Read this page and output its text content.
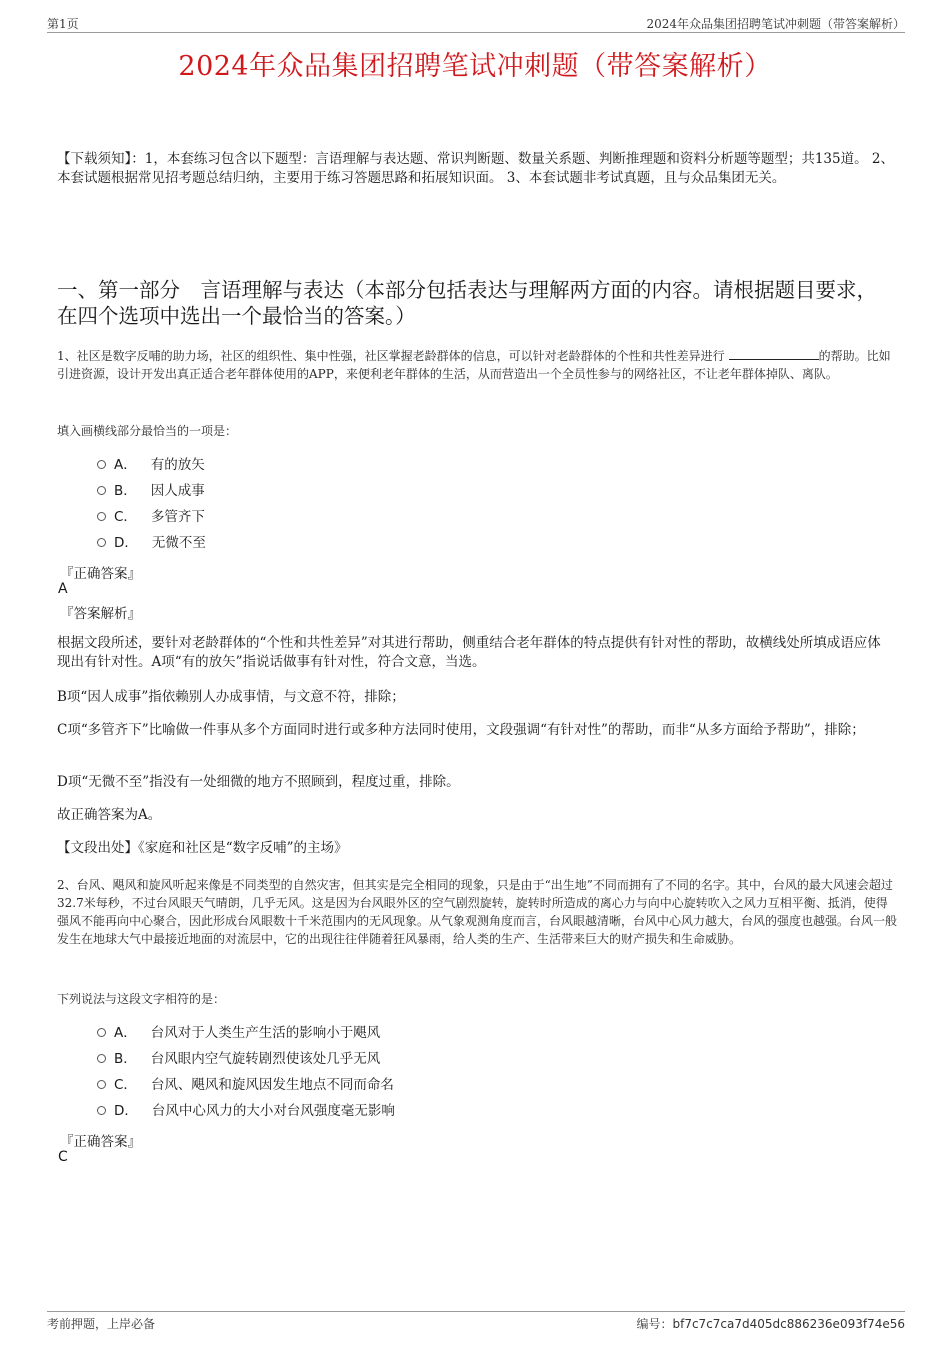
第1页	2024年众品集团招聘笔试冲刺题（带答案解析）
2024年众品集团招聘笔试冲刺题（带答案解析）
【下载须知】：1，本套练习包含以下题型：言语理解与表达题、常识判断题、数量关系题、判断推理题和资料分析题等题型；共135道。 2、本套试题根据常见招考题总结归纳，主要用于练习答题思路和拓展知识面。 3、本套试题非考试真题，且与众品集团无关。
一、第一部分　言语理解与表达（本部分包括表达与理解两方面的内容。请根据题目要求，在四个选项中选出一个最恰当的答案。）
1、社区是数字反哺的助力场，社区的组织性、集中性强，社区掌握老龄群体的信息，可以针对老龄群体的个性和共性差异进行	的帮助。比如引进资源，设计开发出真正适合老年群体使用的APP，来便利老年群体的生活，从而营造出一个全员性参与的网络社区，不让老年群体掉队、离队。
填入画横线部分最恰当的一项是：
A． 有的放矢
B． 因人成事
C． 多管齐下
D． 无微不至
『正确答案』
A
『答案解析』
根据文段所述，要针对老龄群体的“个性和共性差异”对其进行帮助，侧重结合老年群体的特点提供有针对性的帮助，故横线处所填成语应体现出有针对性。A项“有的放矢”指说话做事有针对性，符合文意，当选。
B项“因人成事”指依赖别人办成事情，与文意不符，排除；
C项“多管齐下”比喻做一件事从多个方面同时进行或多种方法同时使用，文段强调“有针对性”的帮助，而非“从多方面给予帮助”，排除；
D项“无微不至”指没有一处细微的地方不照顾到，程度过重，排除。
故正确答案为A。
【文段出处】《家庭和社区是“数字反哺”的主场》
2、台风、飓风和旋风听起来像是不同类型的自然灾害，但其实是完全相同的现象，只是由于“出生地”不同而拥有了不同的名字。其中，台风的最大风速会超过32.7米每秒，不过台风眼天气晴朗，几乎无风。这是因为台风眼外区的空气剧烈旋转，旋转时所造成的离心力与向中心旋转吹入之风力互相平衡、抵消，使得强风不能再向中心聚合，因此形成台风眼数十千米范围内的无风现象。从气象观测角度而言，台风眼越清晰，台风中心风力越大，台风的强度也越强。台风一般发生在地球大气中最接近地面的对流层中，它的出现往往伴随着狂风暴雨，给人类的生产、生活带来巨大的财产损失和生命威胁。
下列说法与这段文字相符的是：
A． 台风对于人类生产生活的影响小于飓风
B． 台风眼内空气旋转剧烈使该处几乎无风
C． 台风、飓风和旋风因发生地点不同而命名
D． 台风中心风力的大小对台风强度毫无影响
『正确答案』
C
考前押题，上岸必备	编号：bf7c7c7ca7d405dc886236e093f74e56
